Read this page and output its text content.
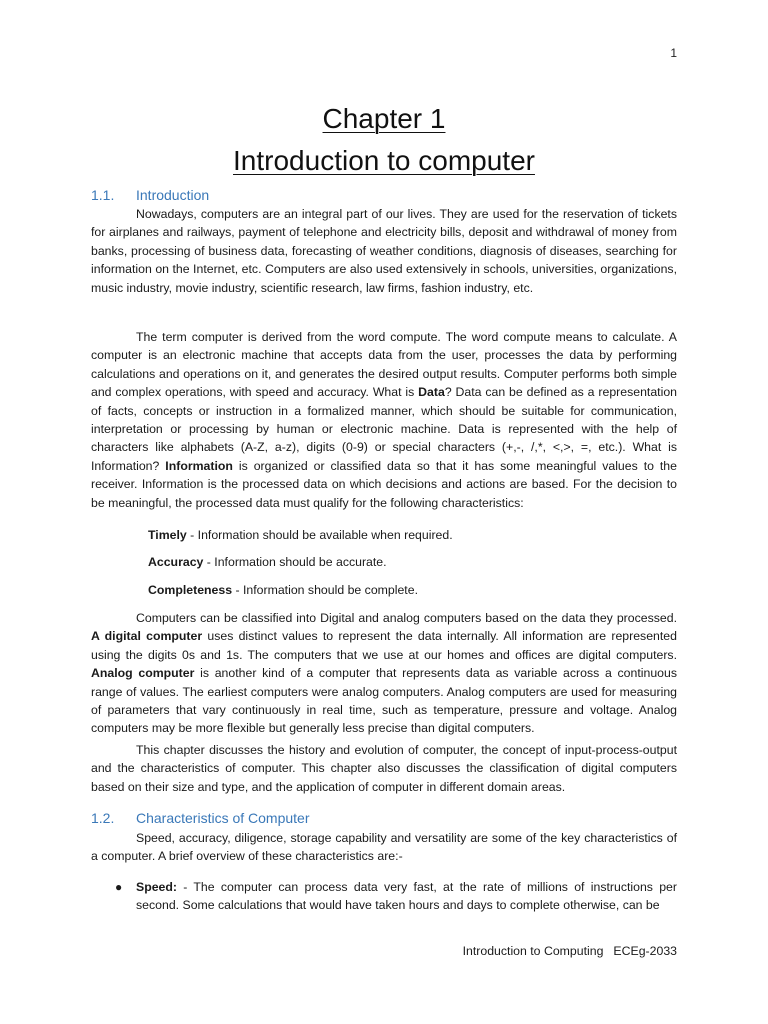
1
Chapter 1
Introduction to computer
1.1. Introduction

Nowadays, computers are an integral part of our lives. They are used for the reservation of tickets for airplanes and railways, payment of telephone and electricity bills, deposit and withdrawal of money from banks, processing of business data, forecasting of weather conditions, diagnosis of diseases, searching for information on the Internet, etc. Computers are also used extensively in schools, universities, organizations, music industry, movie industry, scientific research, law firms, fashion industry, etc.

The term computer is derived from the word compute. The word compute means to calculate. A computer is an electronic machine that accepts data from the user, processes the data by performing calculations and operations on it, and generates the desired output results. Computer performs both simple and complex operations, with speed and accuracy. What is Data? Data can be defined as a representation of facts, concepts or instruction in a formalized manner, which should be suitable for communication, interpretation or processing by human or electronic machine. Data is represented with the help of characters like alphabets (A-Z, a-z), digits (0-9) or special characters (+,-, /,*, <,>, =, etc.). What is Information? Information is organized or classified data so that it has some meaningful values to the receiver. Information is the processed data on which decisions and actions are based. For the decision to be meaningful, the processed data must qualify for the following characteristics:

Timely - Information should be available when required.
Accuracy - Information should be accurate.
Completeness - Information should be complete.

Computers can be classified into Digital and analog computers based on the data they processed. A digital computer uses distinct values to represent the data internally. All information are represented using the digits 0s and 1s. The computers that we use at our homes and offices are digital computers. Analog computer is another kind of a computer that represents data as variable across a continuous range of values. The earliest computers were analog computers. Analog computers are used for measuring of parameters that vary continuously in real time, such as temperature, pressure and voltage. Analog computers may be more flexible but generally less precise than digital computers.

This chapter discusses the history and evolution of computer, the concept of input-process-output and the characteristics of computer. This chapter also discusses the classification of digital computers based on their size and type, and the application of computer in different domain areas.

1.2. Characteristics of Computer

Speed, accuracy, diligence, storage capability and versatility are some of the key characteristics of a computer. A brief overview of these characteristics are:-

● Speed: - The computer can process data very fast, at the rate of millions of instructions per second. Some calculations that would have taken hours and days to complete otherwise, can be
Introduction to Computing ECEg-2033
